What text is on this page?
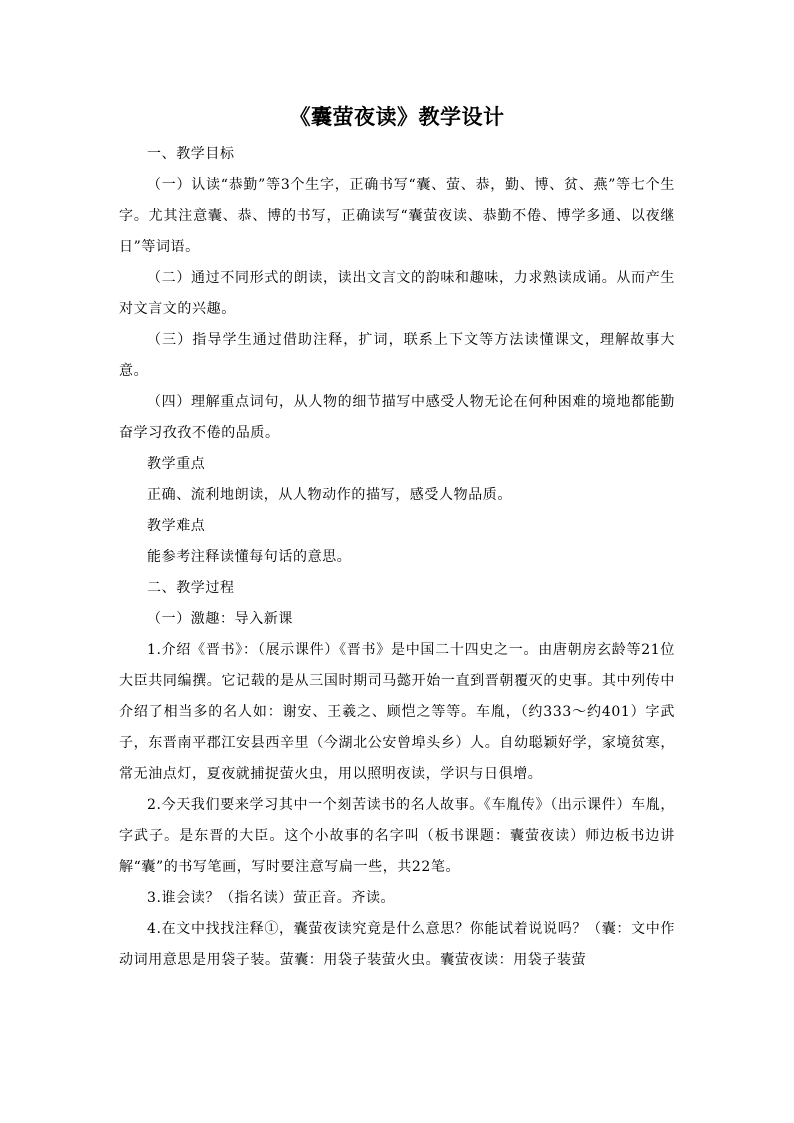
《囊萤夜读》教学设计

一、教学目标

（一）认读“恭勤”等3个生字，正确书写“囊、萤、恭，勤、博、贫、燕”等七个生字。尤其注意囊、恭、博的书写，正确读写“囊萤夜读、恭勤不倦、博学多通、以夜继日”等词语。

（二）通过不同形式的朗读，读出文言文的韵味和趣味，力求熟读成诵。从而产生对文言文的兴趣。

（三）指导学生通过借助注释，扩词，联系上下文等方法读懂课文，理解故事大意。

（四）理解重点词句，从人物的细节描写中感受人物无论在何种困难的境地都能勤奋学习孜孜不倦的品质。

教学重点

正确、流利地朗读，从人物动作的描写，感受人物品质。

教学难点

能参考注释读懂每句话的意思。

二、教学过程

（一）激趣：导入新课

1.介绍《晋书》：（展示课件）《晋书》是中国二十四史之一。由唐朝房玄龄等21位大臣共同编撰。它记载的是从三国时期司马懿开始一直到晋朝覆灭的史事。其中列传中介绍了相当多的名人如：谢安、王羲之、顾恺之等等。车胤，（约333～约401）字武子，东晋南平郡江安县西辛里（今湖北公安曾埠头乡）人。自幼聪颖好学，家境贫寒，常无油点灯，夏夜就捕捉萤火虫，用以照明夜读，学识与日俱增。

2.今天我们要来学习其中一个刻苦读书的名人故事。《车胤传》（出示课件）车胤，字武子。是东晋的大臣。这个小故事的名字叫（板书课题：囊萤夜读）师边板书边讲解“囊”的书写笔画，写时要注意写扁一些，共22笔。

3.谁会读？（指名读）萤正音。齐读。

4.在文中找找注释①，囊萤夜读究竟是什么意思？你能试着说说吗？（囊：文中作动词用意思是用袋子装。萤囊：用袋子装萤火虫。囊萤夜读：用袋子装萤
